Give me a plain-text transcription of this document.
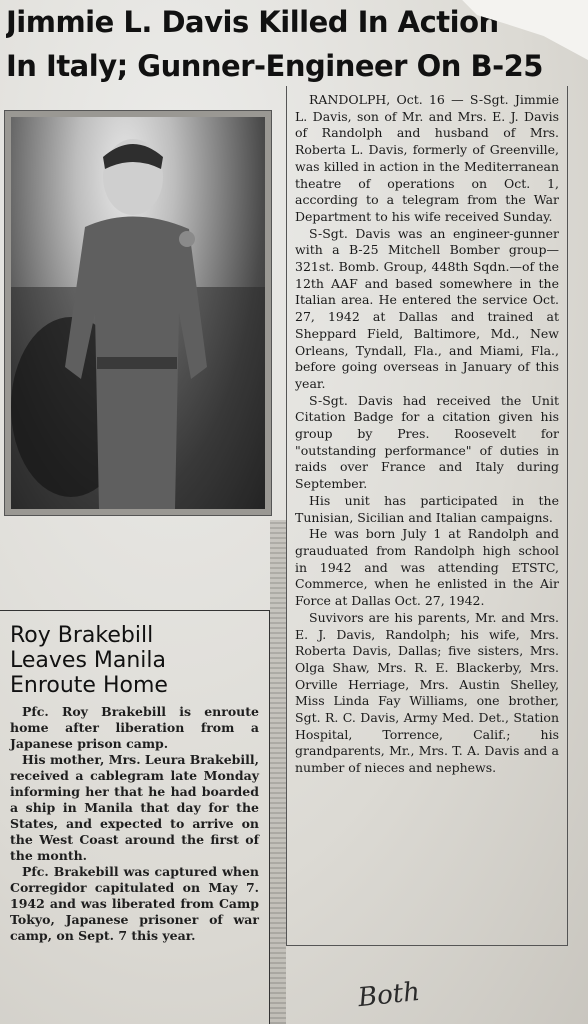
Jimmie L. Davis Killed In Action
In Italy; Gunner-Engineer On B-25

RANDOLPH, Oct. 16 — S-Sgt. Jimmie L. Davis, son of Mr. and Mrs. E. J. Davis of Randolph and husband of Mrs. Roberta L. Davis, formerly of Greenville, was killed in action in the Mediterranean theatre of operations on Oct. 1, according to a telegram from the War Department to his wife received Sunday.

S-Sgt. Davis was an engineer-gunner with a B-25 Mitchell Bomber group—321st. Bomb. Group, 448th Sqdn.—of the 12th AAF and based somewhere in the Italian area. He entered the service Oct. 27, 1942 at Dallas and trained at Sheppard Field, Baltimore, Md., New Orleans, Tyndall, Fla., and Miami, Fla., before going overseas in January of this year.

S-Sgt. Davis had received the Unit Citation Badge for a citation given his group by Pres. Roosevelt for "outstanding performance" of duties in raids over France and Italy during September.

His unit has participated in the Tunisian, Sicilian and Italian campaigns.

He was born July 1 at Randolph and grauduated from Randolph high school in 1942 and was attending ETSTC, Commerce, when he enlisted in the Air Force at Dallas Oct. 27, 1942.

Suvivors are his parents, Mr. and Mrs. E. J. Davis, Randolph; his wife, Mrs. Roberta Davis, Dallas; five sisters, Mrs. Olga Shaw, Mrs. R. E. Blackerby, Mrs. Orville Herriage, Mrs. Austin Shelley, Miss Linda Fay Williams, one brother, Sgt. R. C. Davis, Army Med. Det., Station Hospital, Torrence, Calif.; his grandparents, Mr., Mrs. T. A. Davis and a number of nieces and nephews.

Roy Brakebill
Leaves Manila
Enroute Home

Pfc. Roy Brakebill is enroute home after liberation from a Japanese prison camp.

His mother, Mrs. Leura Brakebill, received a cablegram late Monday informing her that he had boarded a ship in Manila that day for the States, and expected to arrive on the West Coast around the first of the month.

Pfc. Brakebill was captured when Corregidor capitulated on May 7. 1942 and was liberated from Camp Tokyo, Japanese prisoner of war camp, on Sept. 7 this year.

Both
